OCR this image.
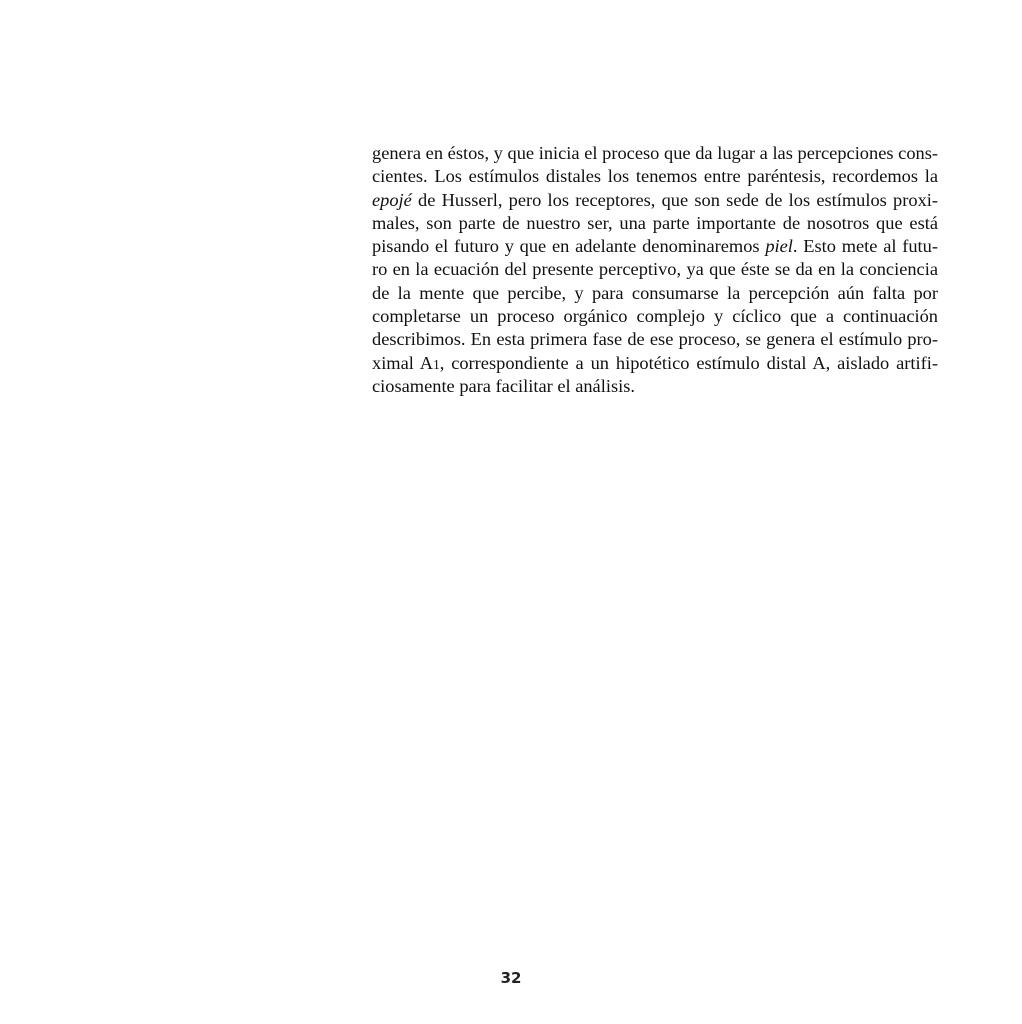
genera en éstos, y que inicia el proceso que da lugar a las percepciones cons-
cientes. Los estímulos distales los tenemos entre paréntesis, recordemos la
epojé de Husserl, pero los receptores, que son sede de los estímulos proxi-
males, son parte de nuestro ser, una parte importante de nosotros que está
pisando el futuro y que en adelante denominaremos piel. Esto mete al futu-
ro en la ecuación del presente perceptivo, ya que éste se da en la conciencia
de la mente que percibe, y para consumarse la percepción aún falta por
completarse un proceso orgánico complejo y cíclico que a continuación
describimos. En esta primera fase de ese proceso, se genera el estímulo pro-
ximal A1, correspondiente a un hipotético estímulo distal A, aislado artifi-
ciosamente para facilitar el análisis.
32
